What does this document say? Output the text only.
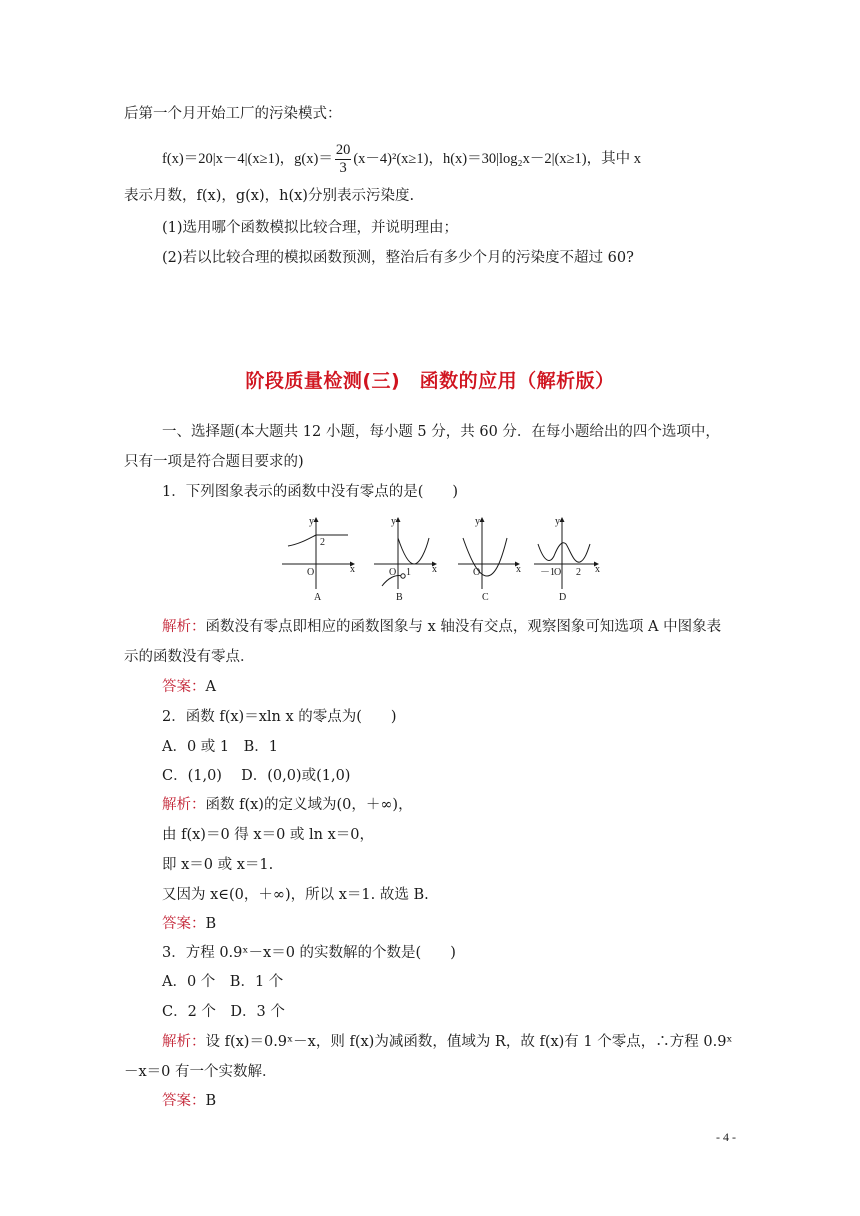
后第一个月开始工厂的污染模式：
f(x)＝20|x－4|(x≥1)，$g(x)= \frac{20}{3} (x-4)^2(x\ge 1)$，h(x)＝30|log₂x－2|(x≥1)，其中 x
表示月数，f(x)，g(x)，h(x)分别表示污染度.
(1)选用哪个函数模拟比较合理，并说明理由；
(2)若以比较合理的模拟函数预测，整治后有多少个月的污染度不超过 60?
阶段质量检测(三)　函数的应用（解析版）
一、选择题(本大题共 12 小题，每小题 5 分，共 60 分．在每小题给出的四个选项中，
只有一项是符合题目要求的)
1．下列图象表示的函数中没有零点的是(　　)
y
x
O
2
A
y
x
O 1
B
y
x
O
C
y
x
－1 O 2
D
解析：函数没有零点即相应的函数图象与 x 轴没有交点，观察图象可知选项 A 中图象表
示的函数没有零点．
答案：A
2．函数 f(x)＝xln x 的零点为(　　)
A．0 或 1　B．1
C．(1,0)　 D．(0,0)或(1,0)
解析：函数 f(x)的定义域为(0，＋∞)，
由 f(x)＝0 得 x＝0 或 ln x＝0，
即 x＝0 或 x＝1.
又因为 x∈(0，＋∞)，所以 x＝1. 故选 B.
答案：B
3．方程 0.9ˣ－x＝0 的实数解的个数是(　　)
A．0 个　B．1 个
C．2 个　D．3 个
解析：设 f(x)＝0.9ˣ－x，则 f(x)为减函数，值域为 R，故 f(x)有 1 个零点，∴方程 0.9ˣ
－x＝0 有一个实数解．
答案：B
- 4 -
